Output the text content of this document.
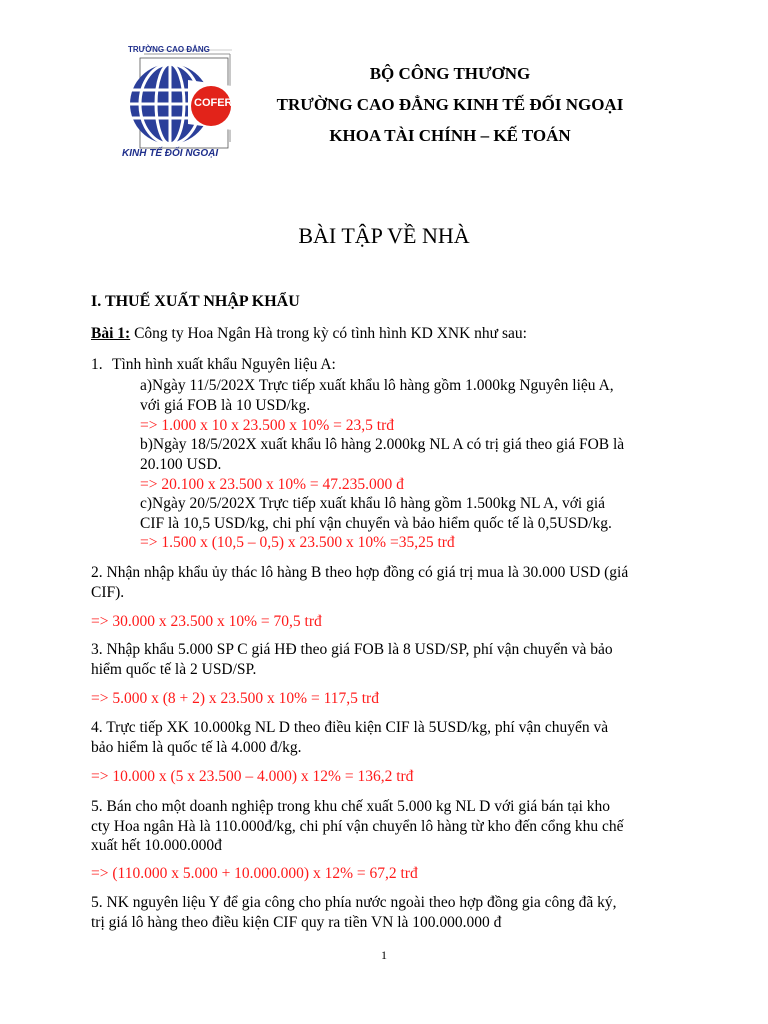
TRƯỜNG CAO ĐẲNG
COFER
KINH TẾ ĐỐI NGOẠI
BỘ CÔNG THƯƠNG
TRƯỜNG CAO ĐẲNG KINH TẾ ĐỐI NGOẠI
KHOA TÀI CHÍNH – KẾ TOÁN
BÀI TẬP VỀ NHÀ
I. THUẾ XUẤT NHẬP KHẨU
Bài 1: Công ty Hoa Ngân Hà trong kỳ có tình hình KD XNK như sau:
1. Tình hình xuất khẩu Nguyên liệu A:
a)Ngày 11/5/202X Trực tiếp xuất khẩu lô hàng gồm 1.000kg Nguyên liệu A,
với giá FOB là 10 USD/kg.
=> 1.000 x 10 x 23.500 x 10% = 23,5 trđ
b)Ngày 18/5/202X xuất khẩu lô hàng 2.000kg NL A có trị giá theo giá FOB là
20.100 USD.
=> 20.100 x 23.500 x 10% = 47.235.000 đ
c)Ngày 20/5/202X Trực tiếp xuất khẩu lô hàng gồm 1.500kg NL A, với giá
CIF là 10,5 USD/kg, chi phí vận chuyển và bảo hiểm quốc tế là 0,5USD/kg.
=> 1.500 x (10,5 – 0,5) x 23.500 x 10% =35,25 trđ
2. Nhận nhập khẩu ủy thác lô hàng B theo hợp đồng có giá trị mua là 30.000 USD (giá
CIF).
=> 30.000 x 23.500 x 10% = 70,5 trđ
3. Nhập khẩu 5.000 SP C giá HĐ theo giá FOB là 8 USD/SP, phí vận chuyển và bảo
hiểm quốc tế là 2 USD/SP.
=> 5.000 x (8 + 2) x 23.500 x 10% = 117,5 trđ
4. Trực tiếp XK 10.000kg NL D theo điều kiện CIF là 5USD/kg, phí vận chuyển và
bảo hiểm là quốc tế là 4.000 đ/kg.
=> 10.000 x (5 x 23.500 – 4.000) x 12% = 136,2 trđ
5. Bán cho một doanh nghiệp trong khu chế xuất 5.000 kg NL D với giá bán tại kho
cty Hoa ngân Hà là 110.000đ/kg, chi phí vận chuyển lô hàng từ kho đến cổng khu chế
xuất hết 10.000.000đ
=> (110.000 x 5.000 + 10.000.000) x 12% = 67,2 trđ
5. NK nguyên liệu Y để gia công cho phía nước ngoài theo hợp đồng gia công đã ký,
trị giá lô hàng theo điều kiện CIF quy ra tiền VN là 100.000.000 đ
1
